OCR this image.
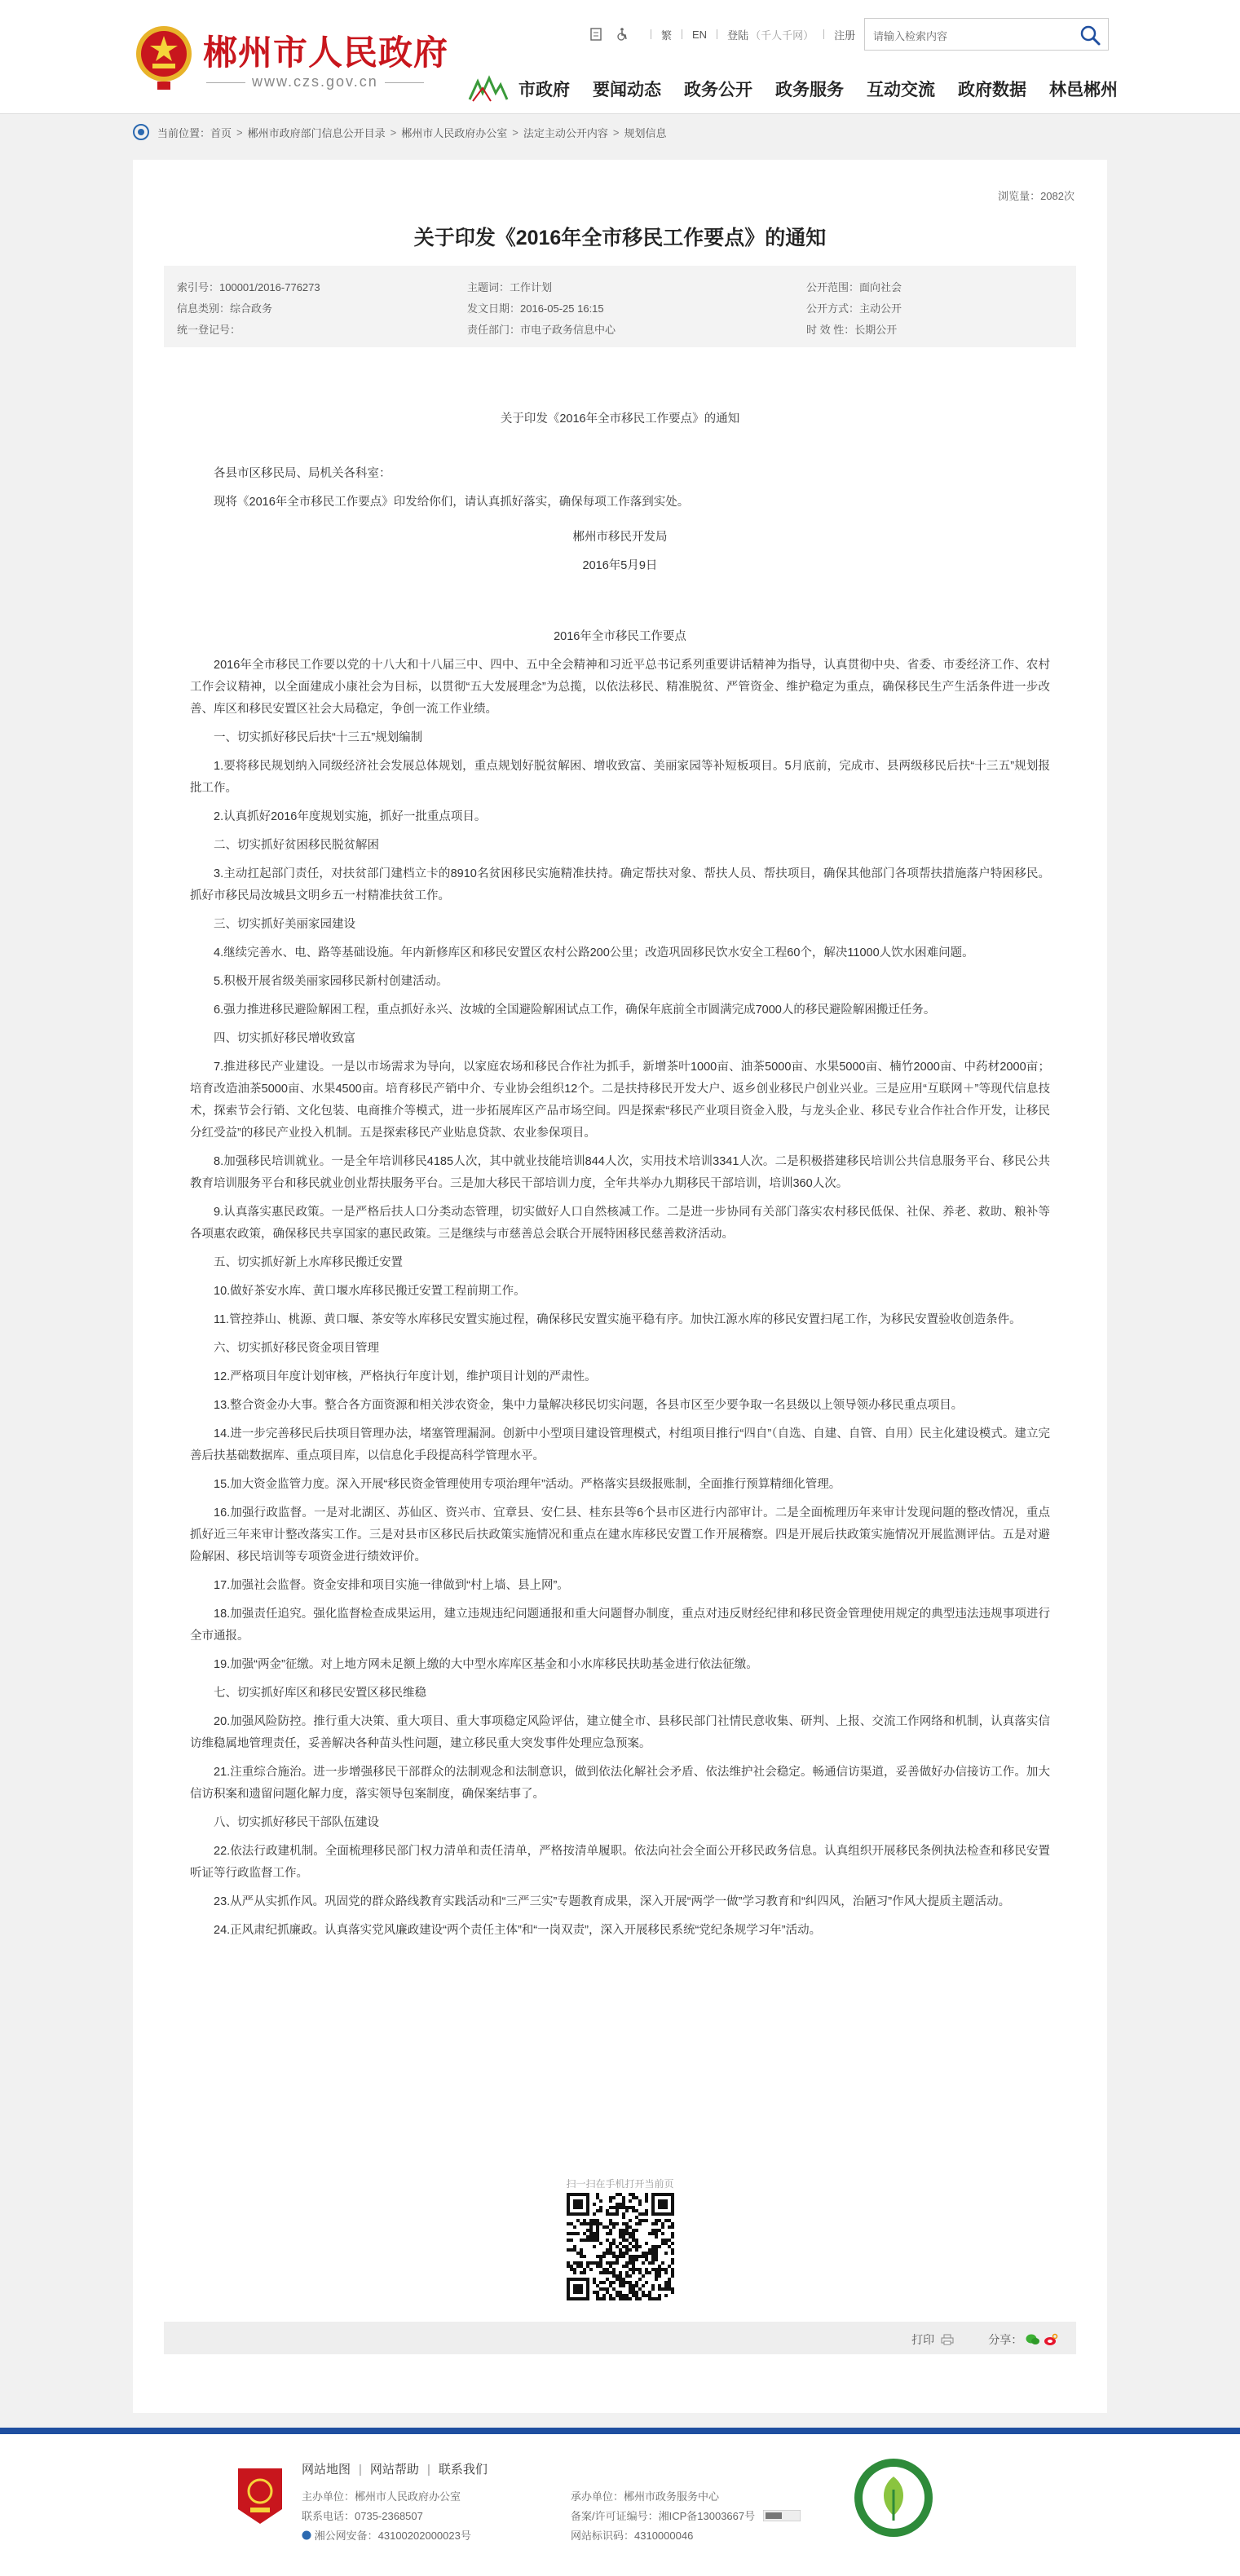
郴州市人民政府
www.czs.gov.cn
繁 EN 登陆 （千人千网） 注册 请输入检索内容
市政府 要闻动态 政务公开 政务服务 互动交流 政府数据 林邑郴州
当前位置： 首页 > 郴州市政府部门信息公开目录 > 郴州市人民政府办公室 > 法定主动公开内容 > 规划信息
浏览量：2082次
关于印发《2016年全市移民工作要点》的通知
索引号：100001/2016-776273
信息类别：综合政务
统一登记号：
主题词：工作计划
发文日期：2016-05-25 16:15
责任部门：市电子政务信息中心
公开范围：面向社会
公开方式：主动公开
时 效 性：长期公开

关于印发《2016年全市移民工作要点》的通知

各县市区移民局、局机关各科室：

现将《2016年全市移民工作要点》印发给你们，请认真抓好落实，确保每项工作落到实处。

郴州市移民开发局

2016年5月9日

2016年全市移民工作要点

2016年全市移民工作要以党的十八大和十八届三中、四中、五中全会精神和习近平总书记系列重要讲话精神为指导，认真贯彻中央、省委、市委经济工作、农村工作会议精神，以全面建成小康社会为目标，以贯彻“五大发展理念”为总揽，以依法移民、精准脱贫、严管资金、维护稳定为重点，确保移民生产生活条件进一步改善、库区和移民安置区社会大局稳定，争创一流工作业绩。

一、切实抓好移民后扶“十三五”规划编制

1.要将移民规划纳入同级经济社会发展总体规划，重点规划好脱贫解困、增收致富、美丽家园等补短板项目。5月底前，完成市、县两级移民后扶“十三五”规划报批工作。

2.认真抓好2016年度规划实施，抓好一批重点项目。

二、切实抓好贫困移民脱贫解困

3.主动扛起部门责任，对扶贫部门建档立卡的8910名贫困移民实施精准扶持。确定帮扶对象、帮扶人员、帮扶项目，确保其他部门各项帮扶措施落户特困移民。抓好市移民局汝城县文明乡五一村精准扶贫工作。

三、切实抓好美丽家园建设

4.继续完善水、电、路等基础设施。年内新修库区和移民安置区农村公路200公里；改造巩固移民饮水安全工程60个，解决11000人饮水困难问题。

5.积极开展省级美丽家园移民新村创建活动。

6.强力推进移民避险解困工程，重点抓好永兴、汝城的全国避险解困试点工作，确保年底前全市圆满完成7000人的移民避险解困搬迁任务。

四、切实抓好移民增收致富

7.推进移民产业建设。一是以市场需求为导向，以家庭农场和移民合作社为抓手，新增茶叶1000亩、油茶5000亩、水果5000亩、楠竹2000亩、中药材2000亩；培育改造油茶5000亩、水果4500亩。培育移民产销中介、专业协会组织12个。二是扶持移民开发大户、返乡创业移民户创业兴业。三是应用“互联网＋”等现代信息技术，探索节会行销、文化包装、电商推介等模式，进一步拓展库区产品市场空间。四是探索“移民产业项目资金入股，与龙头企业、移民专业合作社合作开发，让移民分红受益”的移民产业投入机制。五是探索移民产业贴息贷款、农业参保项目。

8.加强移民培训就业。一是全年培训移民4185人次，其中就业技能培训844人次，实用技术培训3341人次。二是积极搭建移民培训公共信息服务平台、移民公共教育培训服务平台和移民就业创业帮扶服务平台。三是加大移民干部培训力度，全年共举办九期移民干部培训，培训360人次。

9.认真落实惠民政策。一是严格后扶人口分类动态管理，切实做好人口自然核减工作。二是进一步协同有关部门落实农村移民低保、社保、养老、救助、粮补等各项惠农政策，确保移民共享国家的惠民政策。三是继续与市慈善总会联合开展特困移民慈善救济活动。

五、切实抓好新上水库移民搬迁安置

10.做好茶安水库、黄口堰水库移民搬迁安置工程前期工作。

11.管控莽山、桃源、黄口堰、茶安等水库移民安置实施过程，确保移民安置实施平稳有序。加快江源水库的移民安置扫尾工作，为移民安置验收创造条件。

六、切实抓好移民资金项目管理

12.严格项目年度计划审核，严格执行年度计划，维护项目计划的严肃性。

13.整合资金办大事。整合各方面资源和相关涉农资金，集中力量解决移民切实问题，各县市区至少要争取一名县级以上领导领办移民重点项目。

14.进一步完善移民后扶项目管理办法，堵塞管理漏洞。创新中小型项目建设管理模式，村组项目推行“四自”（自选、自建、自管、自用）民主化建设模式。建立完善后扶基础数据库、重点项目库，以信息化手段提高科学管理水平。

15.加大资金监管力度。深入开展“移民资金管理使用专项治理年”活动。严格落实县级报账制，全面推行预算精细化管理。

16.加强行政监督。一是对北湖区、苏仙区、资兴市、宜章县、安仁县、桂东县等6个县市区进行内部审计。二是全面梳理历年来审计发现问题的整改情况，重点抓好近三年来审计整改落实工作。三是对县市区移民后扶政策实施情况和重点在建水库移民安置工作开展稽察。四是开展后扶政策实施情况开展监测评估。五是对避险解困、移民培训等专项资金进行绩效评价。

17.加强社会监督。资金安排和项目实施一律做到“村上墙、县上网”。

18.加强责任追究。强化监督检查成果运用，建立违规违纪问题通报和重大问题督办制度，重点对违反财经纪律和移民资金管理使用规定的典型违法违规事项进行全市通报。

19.加强“两金”征缴。对上地方网未足额上缴的大中型水库库区基金和小水库移民扶助基金进行依法征缴。

七、切实抓好库区和移民安置区移民维稳

20.加强风险防控。推行重大决策、重大项目、重大事项稳定风险评估，建立健全市、县移民部门社情民意收集、研判、上报、交流工作网络和机制，认真落实信访维稳属地管理责任，妥善解决各种苗头性问题，建立移民重大突发事件处理应急预案。

21.注重综合施治。进一步增强移民干部群众的法制观念和法制意识，做到依法化解社会矛盾、依法维护社会稳定。畅通信访渠道，妥善做好办信接访工作。加大信访积案和遗留问题化解力度，落实领导包案制度，确保案结事了。

八、切实抓好移民干部队伍建设

22.依法行政建机制。全面梳理移民部门权力清单和责任清单，严格按清单履职。依法向社会全面公开移民政务信息。认真组织开展移民条例执法检查和移民安置听证等行政监督工作。

23.从严从实抓作风。巩固党的群众路线教育实践活动和“三严三实”专题教育成果，深入开展“两学一做”学习教育和“纠四风，治陋习”作风大提质主题活动。

24.正风肃纪抓廉政。认真落实党风廉政建设“两个责任主体”和“一岗双责”，深入开展移民系统“党纪条规学习年”活动。

扫一扫在手机打开当前页
打印	分享：
网站地图 | 网站帮助 | 联系我们
主办单位：郴州市人民政府办公室
联系电话：0735-2368507
湘公网安备：43100202000023号
承办单位：郴州市政务服务中心
备案/许可证编号：湘ICP备13003667号
网站标识码：4310000046
